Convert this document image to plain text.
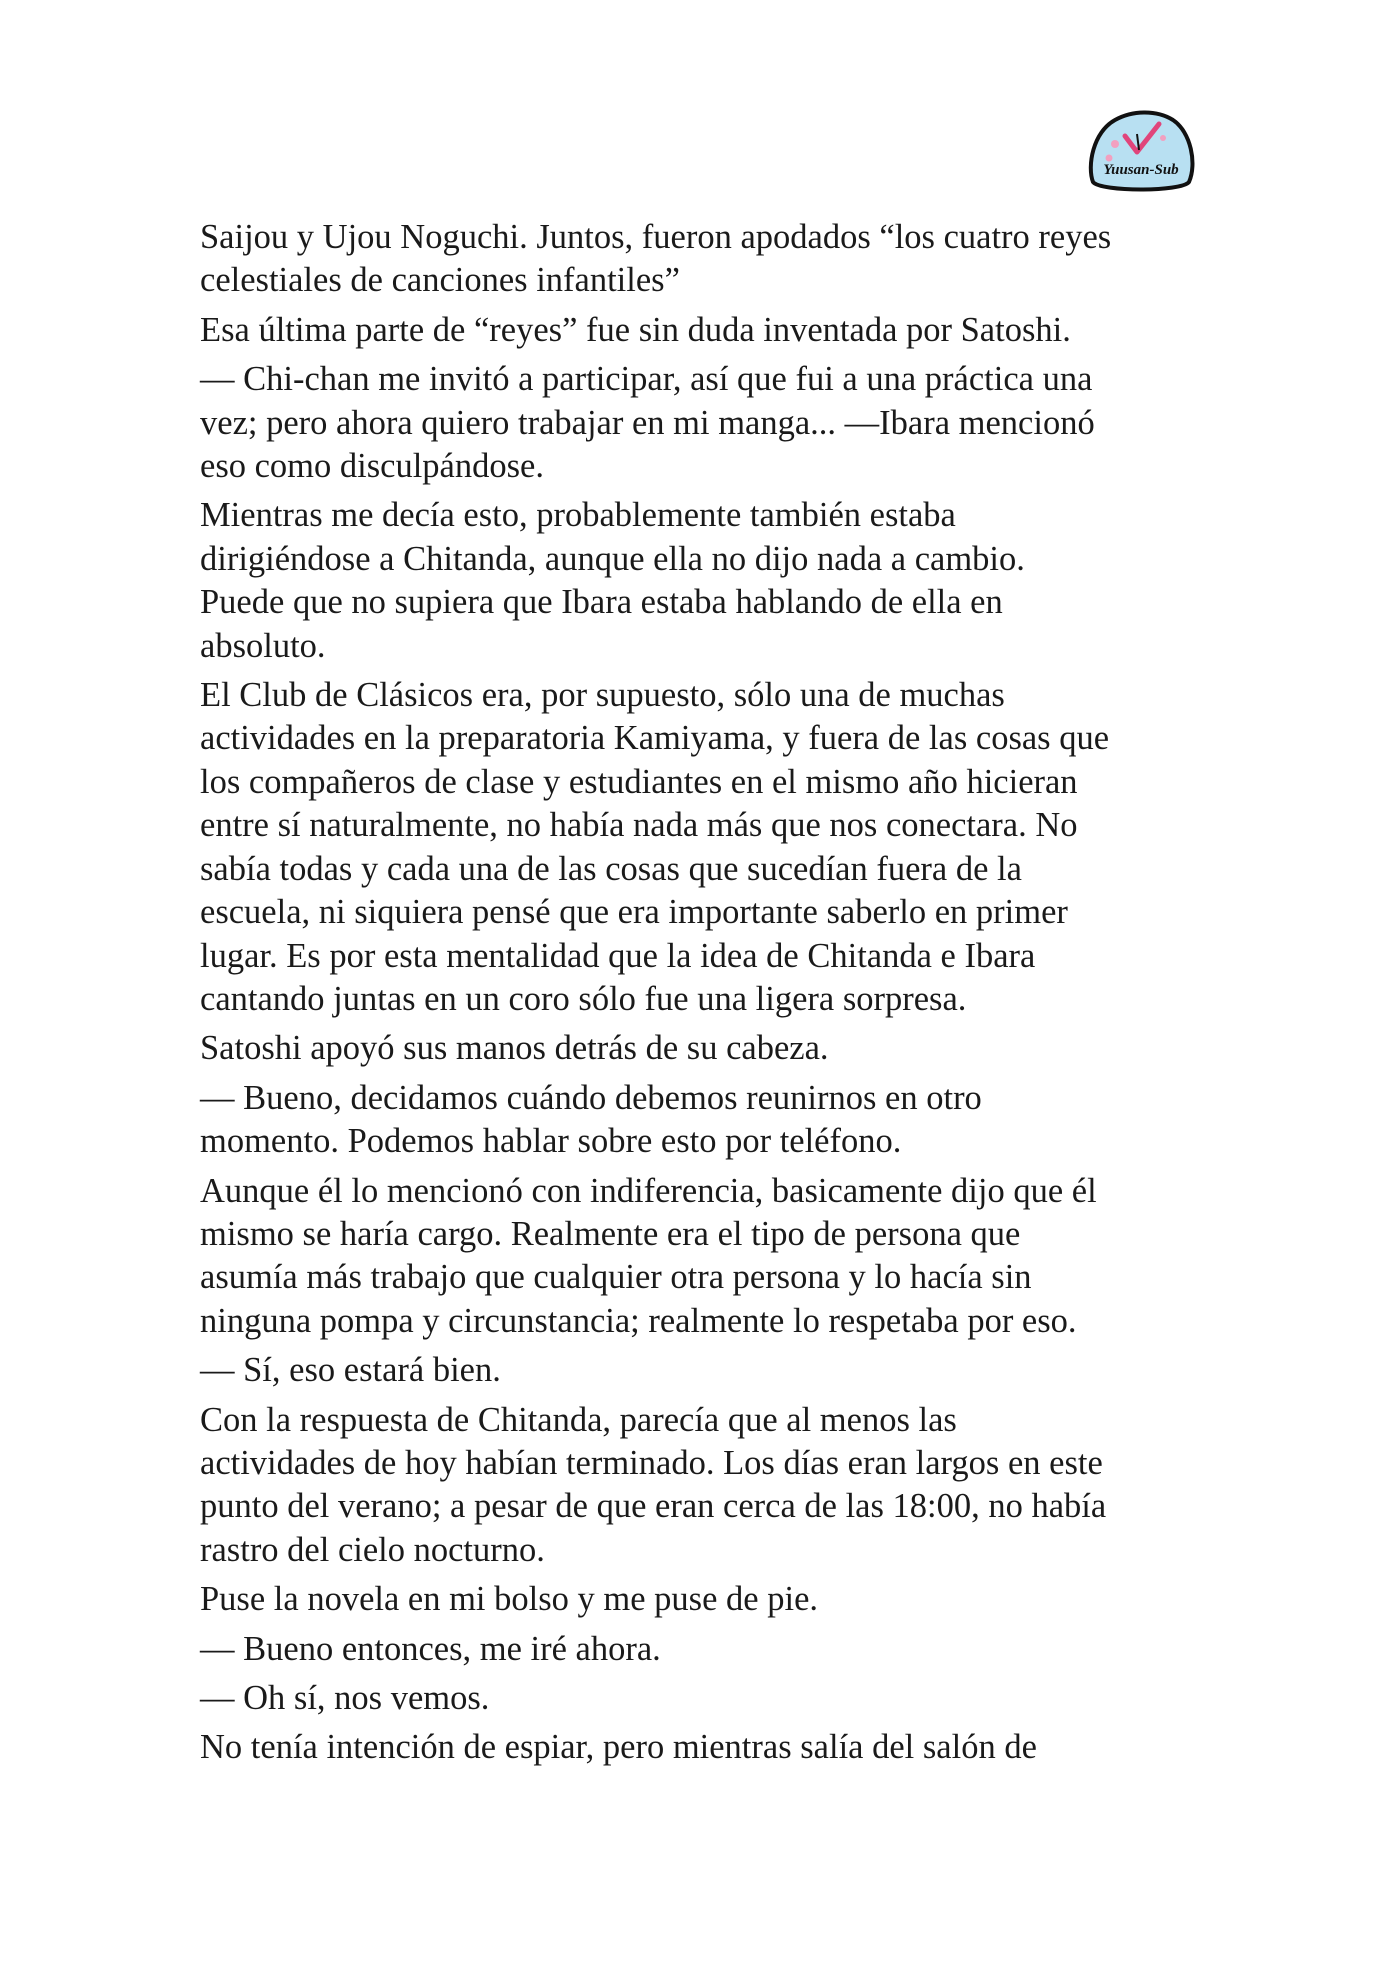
Yuusan-Sub
Saijou y Ujou Noguchi. Juntos, fueron apodados “los cuatro reyes
celestiales de canciones infantiles”
Esa última parte de “reyes” fue sin duda inventada por Satoshi.
— Chi-chan me invitó a participar, así que fui a una práctica una
vez; pero ahora quiero trabajar en mi manga... —Ibara mencionó
eso como disculpándose.
Mientras me decía esto, probablemente también estaba
dirigiéndose a Chitanda, aunque ella no dijo nada a cambio.
Puede que no supiera que Ibara estaba hablando de ella en
absoluto.
El Club de Clásicos era, por supuesto, sólo una de muchas
actividades en la preparatoria Kamiyama, y fuera de las cosas que
los compañeros de clase y estudiantes en el mismo año hicieran
entre sí naturalmente, no había nada más que nos conectara. No
sabía todas y cada una de las cosas que sucedían fuera de la
escuela, ni siquiera pensé que era importante saberlo en primer
lugar. Es por esta mentalidad que la idea de Chitanda e Ibara
cantando juntas en un coro sólo fue una ligera sorpresa.
Satoshi apoyó sus manos detrás de su cabeza.
— Bueno, decidamos cuándo debemos reunirnos en otro
momento. Podemos hablar sobre esto por teléfono.
Aunque él lo mencionó con indiferencia, basicamente dijo que él
mismo se haría cargo. Realmente era el tipo de persona que
asumía más trabajo que cualquier otra persona y lo hacía sin
ninguna pompa y circunstancia; realmente lo respetaba por eso.
— Sí, eso estará bien.
Con la respuesta de Chitanda, parecía que al menos las
actividades de hoy habían terminado. Los días eran largos en este
punto del verano; a pesar de que eran cerca de las 18:00, no había
rastro del cielo nocturno.
Puse la novela en mi bolso y me puse de pie.
— Bueno entonces, me iré ahora.
— Oh sí, nos vemos.
No tenía intención de espiar, pero mientras salía del salón de
